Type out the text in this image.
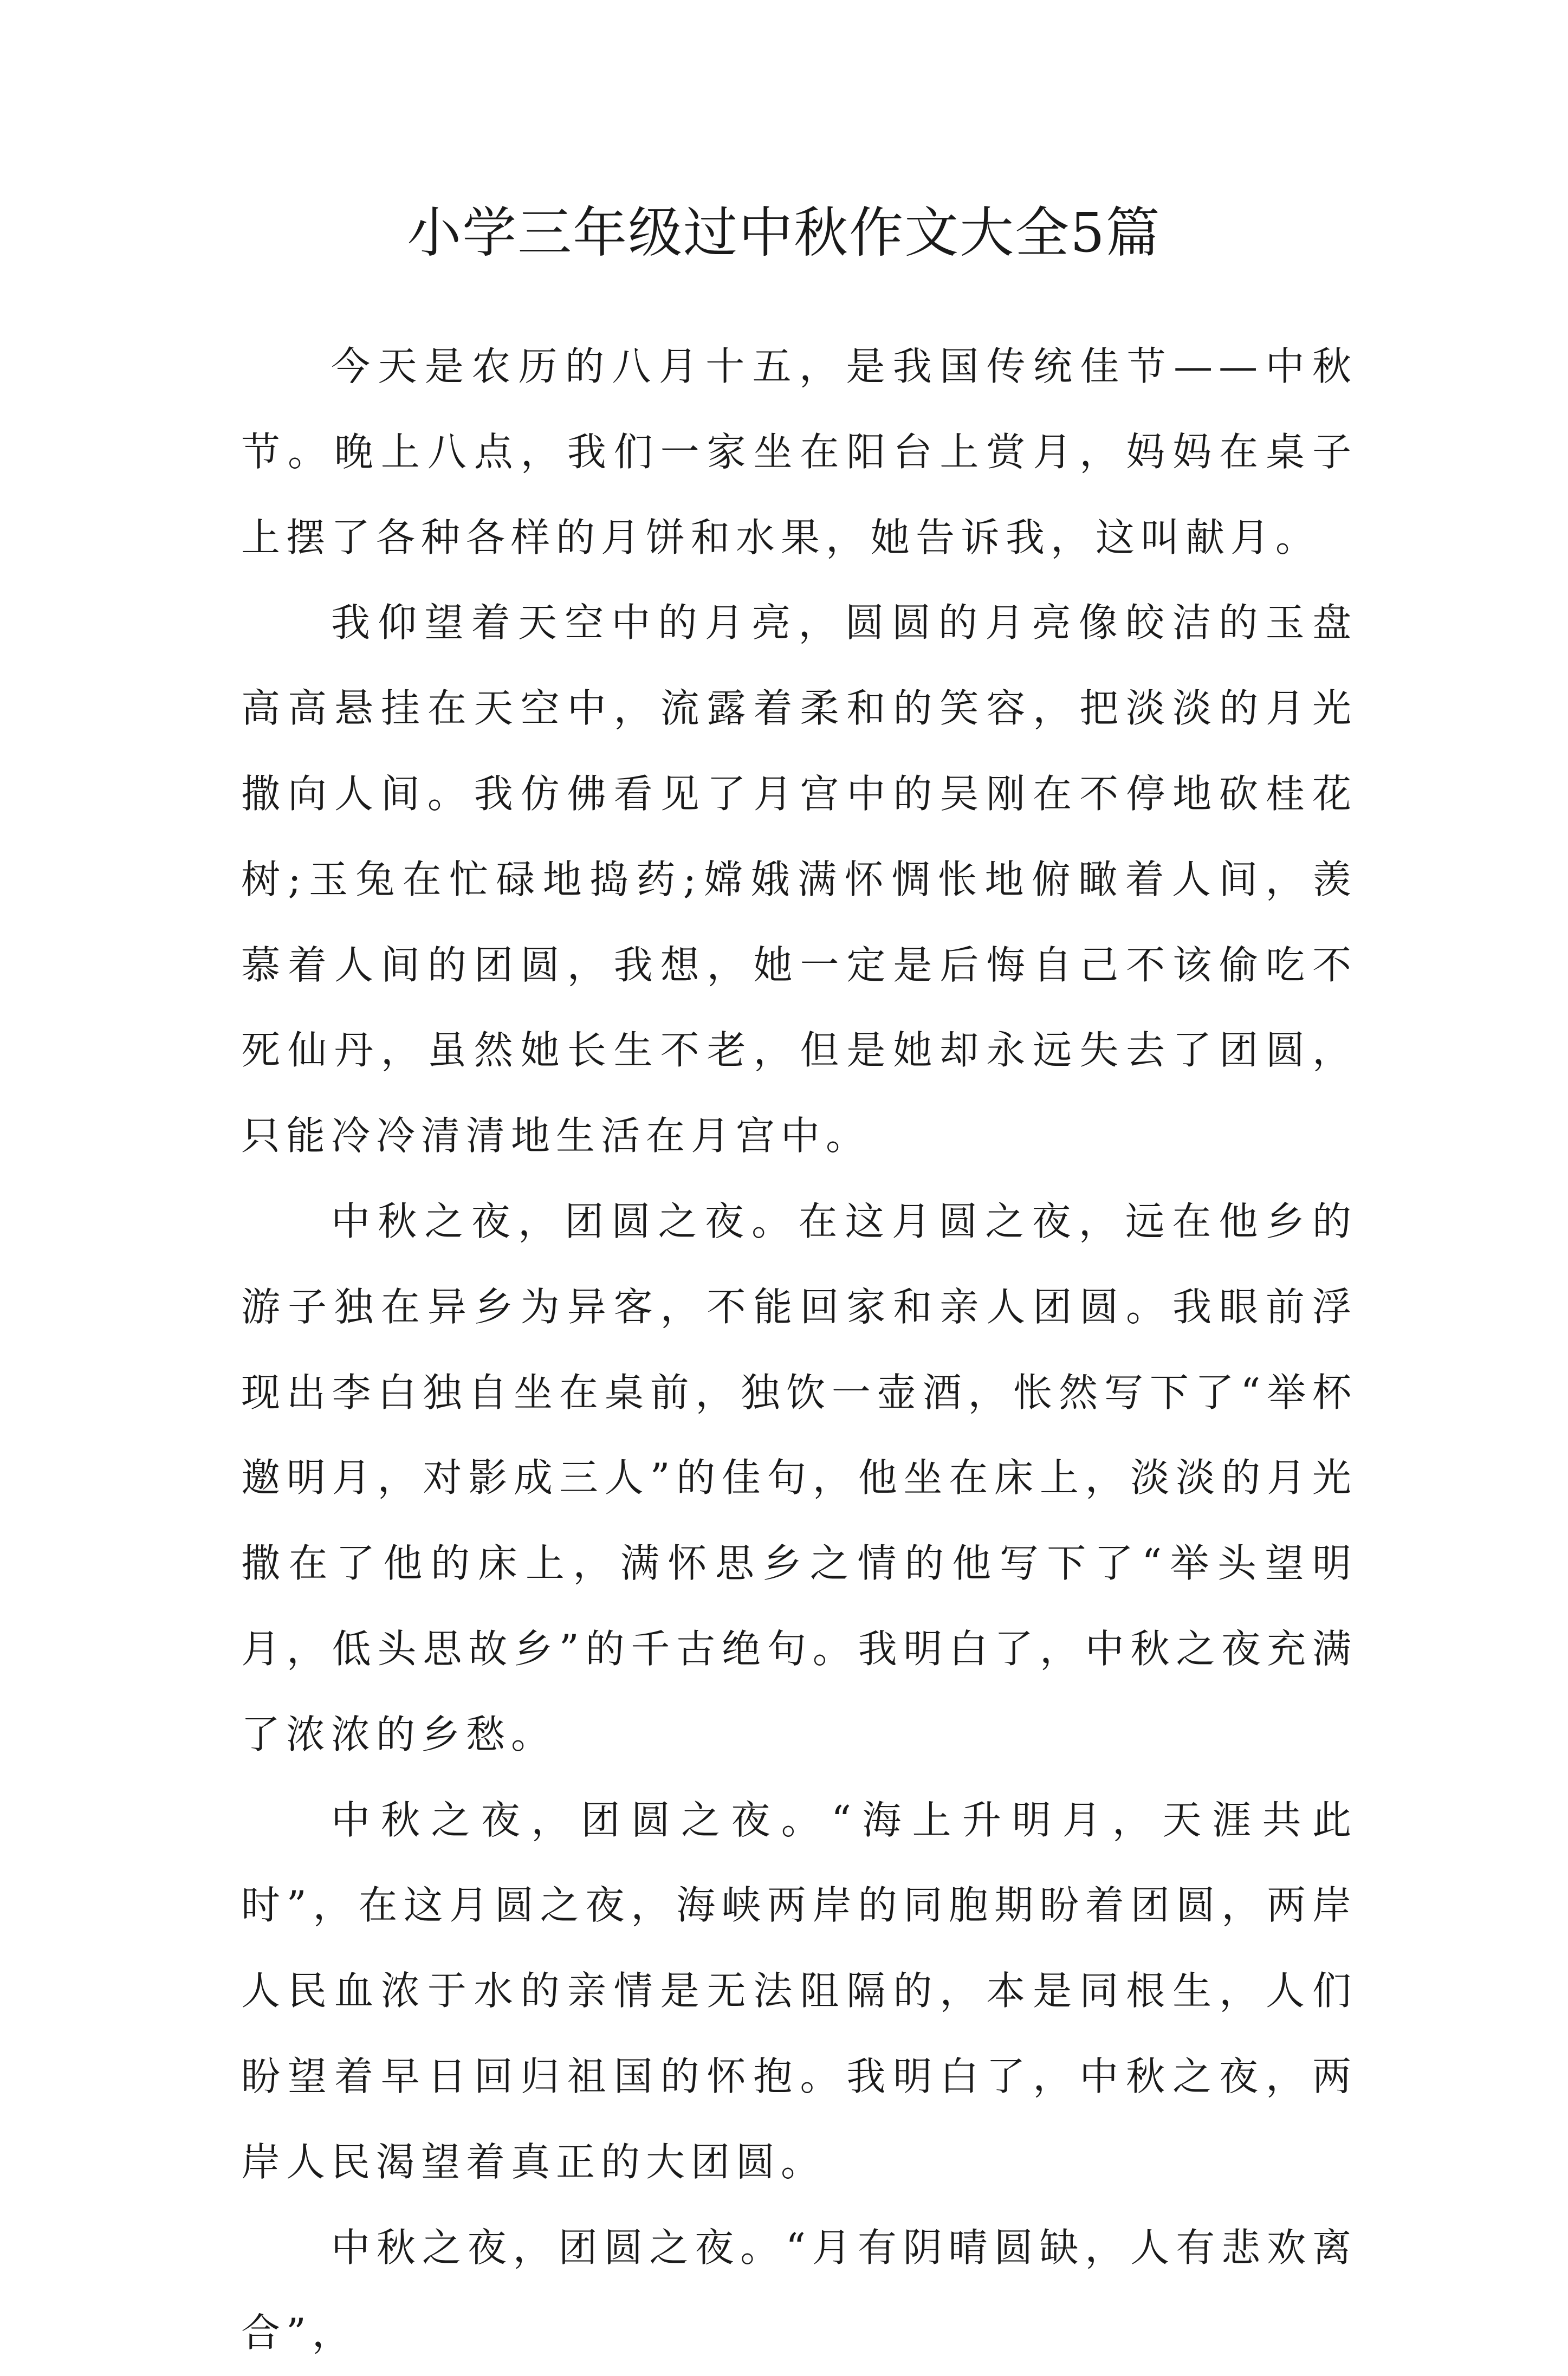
小学三年级过中秋作文大全5篇

今天是农历的八月十五，是我国传统佳节——中秋节。晚上八点，我们一家坐在阳台上赏月，妈妈在桌子上摆了各种各样的月饼和水果，她告诉我，这叫献月。

我仰望着天空中的月亮，圆圆的月亮像皎洁的玉盘高高悬挂在天空中，流露着柔和的笑容，把淡淡的月光撒向人间。我仿佛看见了月宫中的吴刚在不停地砍桂花树;玉兔在忙碌地捣药;嫦娥满怀惆怅地俯瞰着人间，羡慕着人间的团圆，我想，她一定是后悔自己不该偷吃不死仙丹，虽然她长生不老，但是她却永远失去了团圆，只能冷冷清清地生活在月宫中。

中秋之夜，团圆之夜。在这月圆之夜，远在他乡的游子独在异乡为异客，不能回家和亲人团圆。我眼前浮现出李白独自坐在桌前，独饮一壶酒，怅然写下了“举杯邀明月，对影成三人”的佳句，他坐在床上，淡淡的月光撒在了他的床上，满怀思乡之情的他写下了“举头望明月，低头思故乡”的千古绝句。我明白了，中秋之夜充满了浓浓的乡愁。

中秋之夜，团圆之夜。“海上升明月，天涯共此时”，在这月圆之夜，海峡两岸的同胞期盼着团圆，两岸人民血浓于水的亲情是无法阻隔的，本是同根生，人们盼望着早日回归祖国的怀抱。我明白了，中秋之夜，两岸人民渴望着真正的大团圆。

中秋之夜，团圆之夜。“月有阴晴圆缺，人有悲欢离合”，
